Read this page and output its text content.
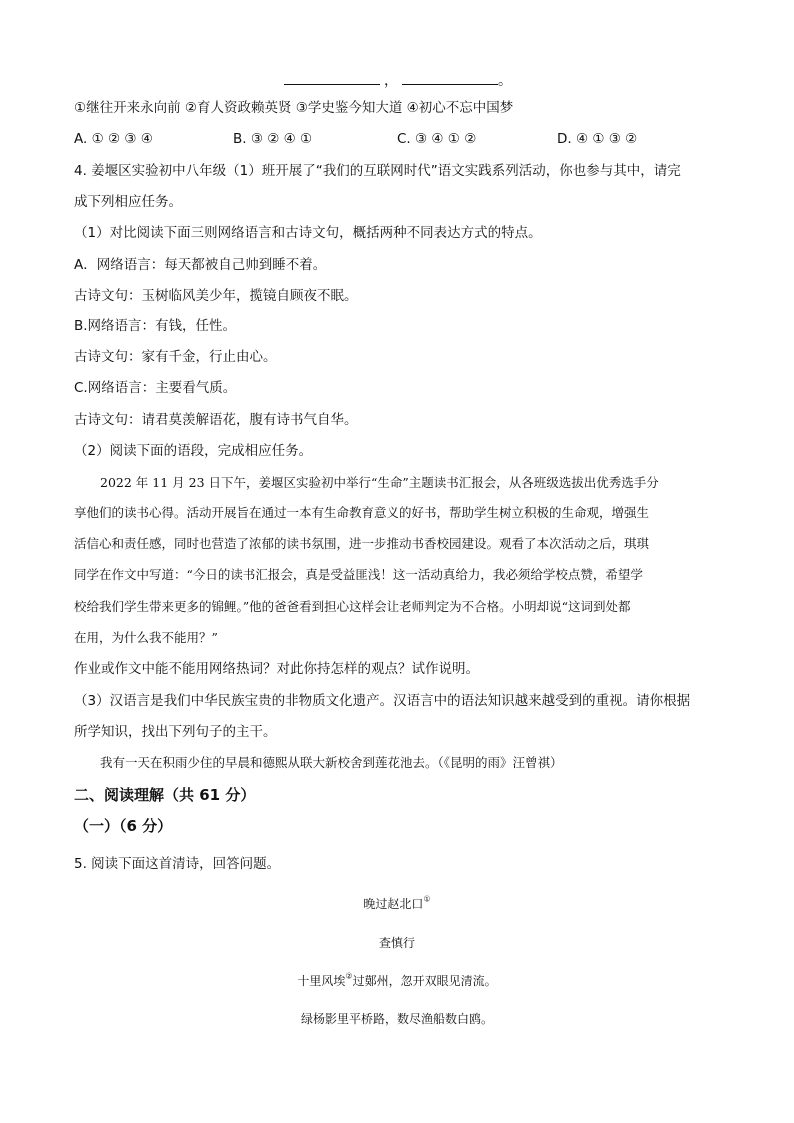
，	。
①继往开来永向前 ②育人资政赖英贤 ③学史鉴今知大道 ④初心不忘中国梦
A. ① ② ③ ④	B. ③ ② ④ ①	C. ③ ④ ① ②	D. ④ ① ③ ②
4. 姜堰区实验初中八年级（1）班开展了“我们的互联网时代”语文实践系列活动，你也参与其中，请完
成下列相应任务。
（1）对比阅读下面三则网络语言和古诗文句，概括两种不同表达方式的特点。
A．网络语言：每天都被自己帅到睡不着。
古诗文句：玉树临风美少年，揽镜自顾夜不眠。
B.网络语言：有钱，任性。
古诗文句：家有千金，行止由心。
C.网络语言：主要看气质。
古诗文句：请君莫羡解语花，腹有诗书气自华。
（2）阅读下面的语段，完成相应任务。
2022 年 11 月 23 日下午，姜堰区实验初中举行“生命”主题读书汇报会，从各班级选拔出优秀选手分
享他们的读书心得。活动开展旨在通过一本有生命教育意义的好书，帮助学生树立积极的生命观，增强生
活信心和责任感，同时也营造了浓郁的读书氛围，进一步推动书香校园建设。观看了本次活动之后，琪琪
同学在作文中写道：“今日的读书汇报会，真是受益匪浅！这一活动真给力，我必须给学校点赞，希望学
校给我们学生带来更多的锦鲤。”他的爸爸看到担心这样会让老师判定为不合格。小明却说“这词到处都
在用，为什么我不能用？”
作业或作文中能不能用网络热词？对此你持怎样的观点？试作说明。
（3）汉语言是我们中华民族宝贵的非物质文化遗产。汉语言中的语法知识越来越受到的重视。请你根据
所学知识，找出下列句子的主干。
我有一天在积雨少住的早晨和德熙从联大新校舍到莲花池去。（《昆明的雨》汪曾祺）
二、阅读理解（共 61 分）
（一）（6 分）
5. 阅读下面这首清诗，回答问题。
晚过赵北口①
查慎行
十里风埃②过鄚州，忽开双眼见清流。
绿杨影里平桥路，数尽渔船数白鸥。
